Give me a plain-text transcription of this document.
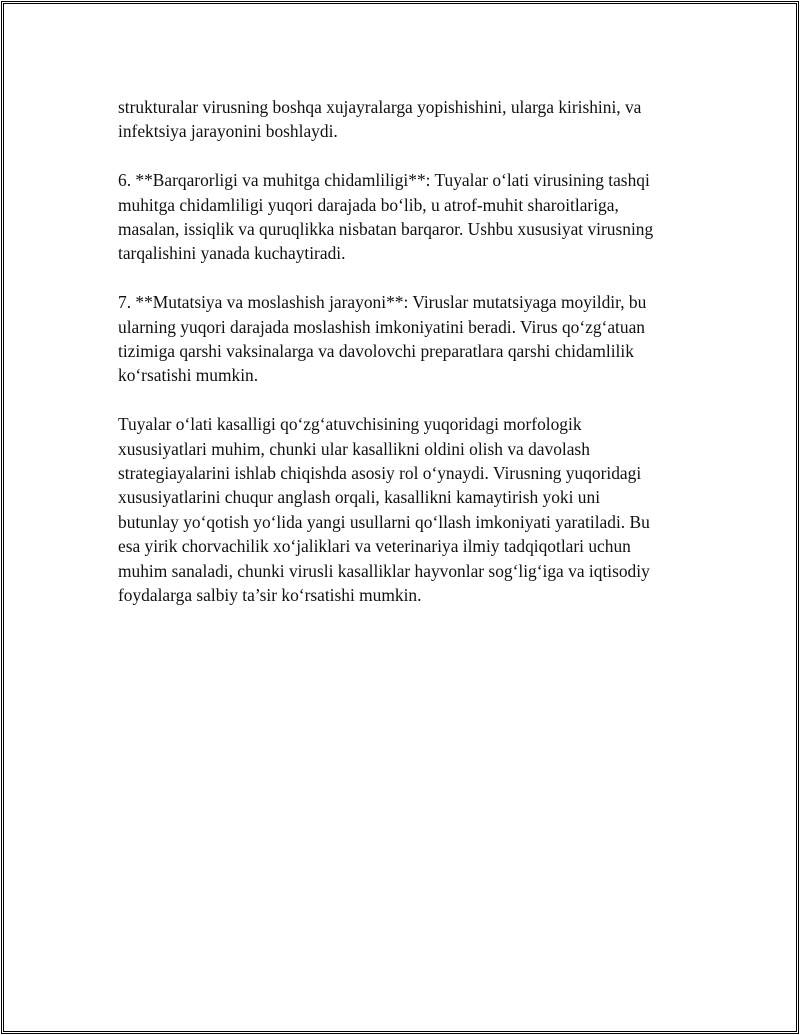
strukturalar virusning boshqa xujayralarga yopishishini, ularga kirishini, va
infektsiya jarayonini boshlaydi.

6. **Barqarorligi va muhitga chidamliligi**: Tuyalar o‘lati virusining tashqi
muhitga chidamliligi yuqori darajada bo‘lib, u atrof-muhit sharoitlariga,
masalan, issiqlik va quruqlikka nisbatan barqaror. Ushbu xususiyat virusning
tarqalishini yanada kuchaytiradi.

7. **Mutatsiya va moslashish jarayoni**: Viruslar mutatsiyaga moyildir, bu
ularning yuqori darajada moslashish imkoniyatini beradi. Virus qo‘zg‘atuan
tizimiga qarshi vaksinalarga va davolovchi preparatlara qarshi chidamlilik
ko‘rsatishi mumkin.

Tuyalar o‘lati kasalligi qo‘zg‘atuvchisining yuqoridagi morfologik
xususiyatlari muhim, chunki ular kasallikni oldini olish va davolash
strategiayalarini ishlab chiqishda asosiy rol o‘ynaydi. Virusning yuqoridagi
xususiyatlarini chuqur anglash orqali, kasallikni kamaytirish yoki uni
butunlay yo‘qotish yo‘lida yangi usullarni qo‘llash imkoniyati yaratiladi. Bu
esa yirik chorvachilik xo‘jaliklari va veterinariya ilmiy tadqiqotlari uchun
muhim sanaladi, chunki virusli kasalliklar hayvonlar sog‘lig‘iga va iqtisodiy
foydalarga salbiy ta’sir ko‘rsatishi mumkin.
